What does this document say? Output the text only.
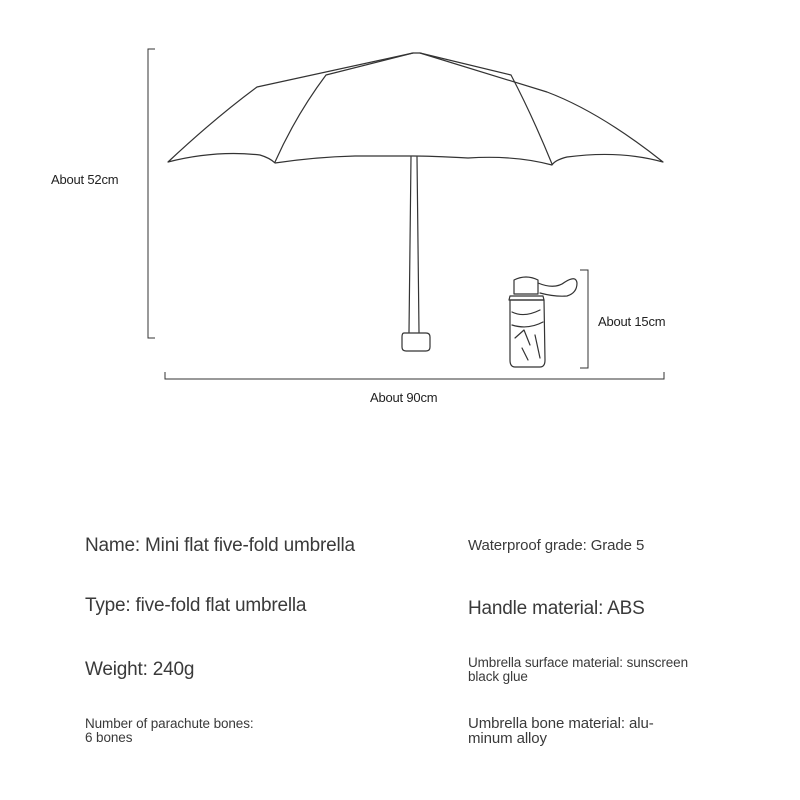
About 52cm
About 90cm
About 15cm
Name: Mini flat five-fold umbrella
Type: five-fold flat umbrella
Weight: 240g
Number of parachute bones:
6 bones
Waterproof grade: Grade 5
Handle material: ABS
Umbrella surface material: sunscreen
black glue
Umbrella bone material: alu-
minum alloy
